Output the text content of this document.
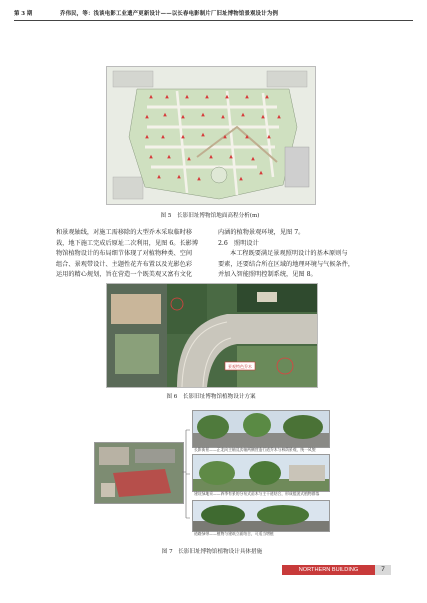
第 3 期	乔伟民，等：浅谈电影工业遗产更新设计——以长春电影制片厂旧址博物馆景观设计为例
图 5　长影旧址博物馆地面高程分析(m)

和景观轴线，对施工需移除的大型乔木采取临时移

栽，地下施工完成后原址二次利用，见图 6。长影博

物馆植物设计的布局细节体现了对植物种类、空间

组合、景观带设计、主题性花卉布置以及光影色彩

运用的精心规划，旨在营造一个既美观又富有文化

内涵的植物景观环境，见图 7。

2.6　照明设计

本工程既要满足景观照明设计的基本原则与

要素，还要结合所在区域的地理环境与气候条件，

并加入智能照明控制系统，见图 8。

景观特色乔木
图 6　长影旧址博物馆植物设计方案
长影街景——正北向主轴及次轴两侧营造行道乔木与林荫景观，统一风貌
建设绿地采——四季有景的分布式苗木与主干道结合，形成组团式植物群落
道路绿带——植物与建筑立面结合，可适当增植
图 7　长影旧址博物馆植物设计具体措施
NORTHERN BUILDING	7
